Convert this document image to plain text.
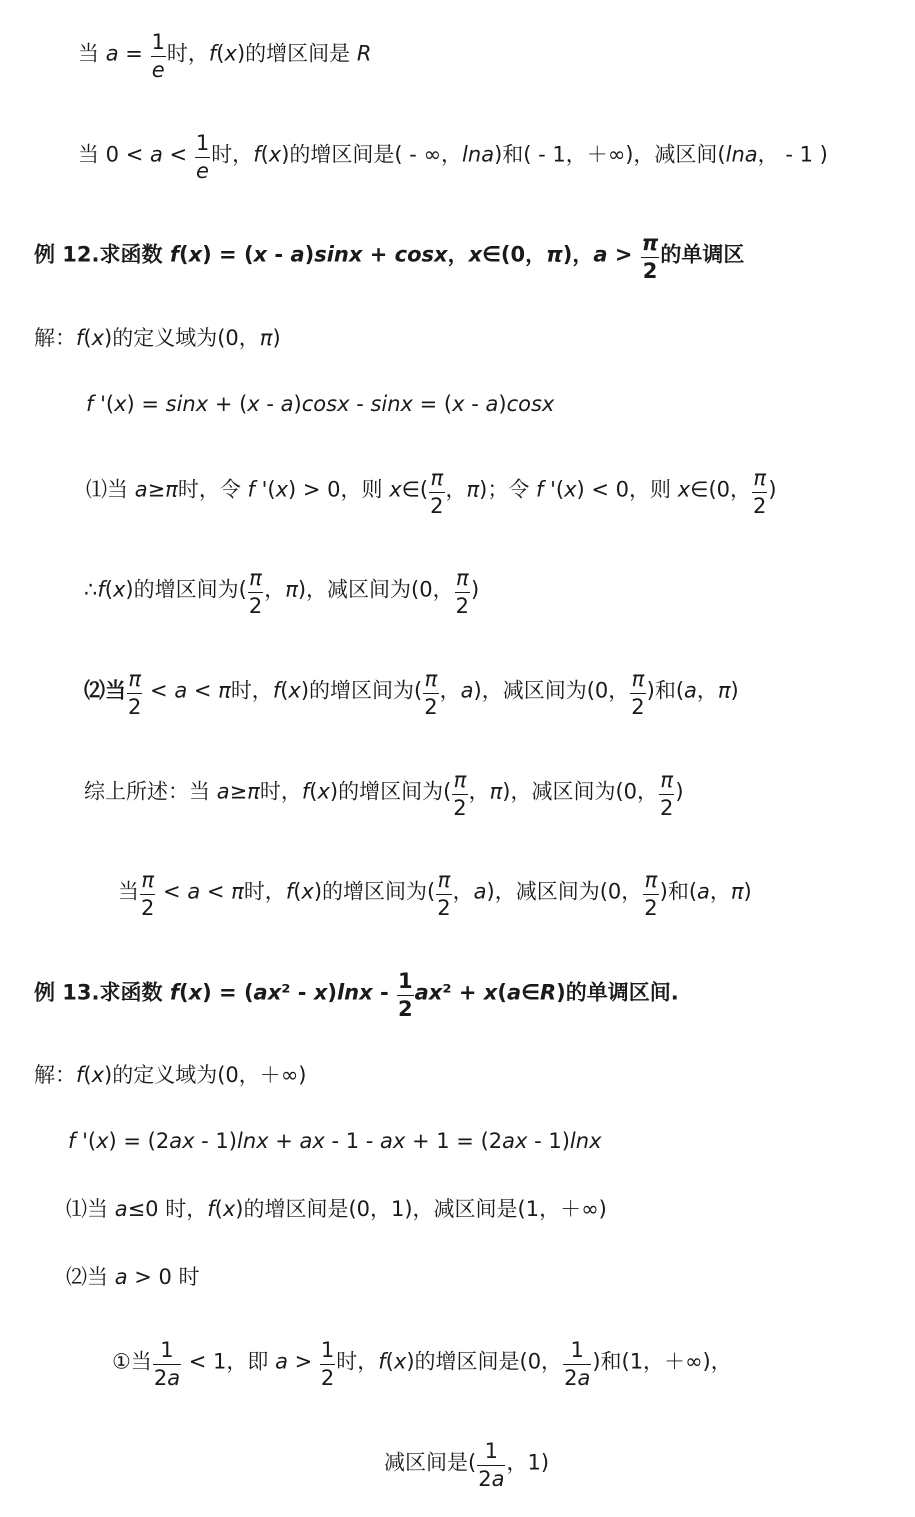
当 $a = \frac{1}{e}$ 时，f(x)的增区间是 R
当 $0 < a < \frac{1}{e}$ 时，f(x)的增区间是( - ∞，lna)和( - 1，＋∞)，减区间(lna， - 1 )
例 12.求函数 f(x) = (x - a)sinx + cosx，x∈(0，π)，$a > \frac{\pi}{2}$ 的单调区
解：f(x)的定义域为(0，π)
f '(x) = sinx + (x - a)cosx - sinx = (x - a)cosx
⑴当 a≥π时，令 f '(x) > 0，则 x∈( $\frac{\pi}{2}$ ，π)；令 f '(x) < 0，则 x∈(0， $\frac{\pi}{2}$ )
∴f(x)的增区间为( $\frac{\pi}{2}$ ，π)，减区间为(0， $\frac{\pi}{2}$ )
⑵当 $\frac{\pi}{2} < a < \pi$时，f(x)的增区间为( $\frac{\pi}{2}$ ，a)，减区间为(0， $\frac{\pi}{2}$ )和(a，π)
综上所述：当 a≥π时，f(x)的增区间为( $\frac{\pi}{2}$ ，π)，减区间为(0， $\frac{\pi}{2}$ )
当 $\frac{\pi}{2} < a < \pi$时，f(x)的增区间为( $\frac{\pi}{2}$ ，a)，减区间为(0， $\frac{\pi}{2}$ )和(a，π)
例 13.求函数 $f(x) = (ax^2 - x)\ln x - \frac{1}{2} ax^2$ + x(a∈R)的单调区间.
解：f(x)的定义域为(0，＋∞)
f '(x) = (2ax - 1)lnx + ax - 1 - ax + 1 = (2ax - 1)lnx
⑴当 a≤0 时，f(x)的增区间是(0，1)，减区间是(1，＋∞)
⑵当 a > 0 时
①当 $\frac{1}{2a} < 1$，即 $a > \frac{1}{2}$ 时，f(x)的增区间是(0， $\frac{1}{2a}$ )和(1，＋∞)，
减区间是( $\frac{1}{2a}$ ，1)
